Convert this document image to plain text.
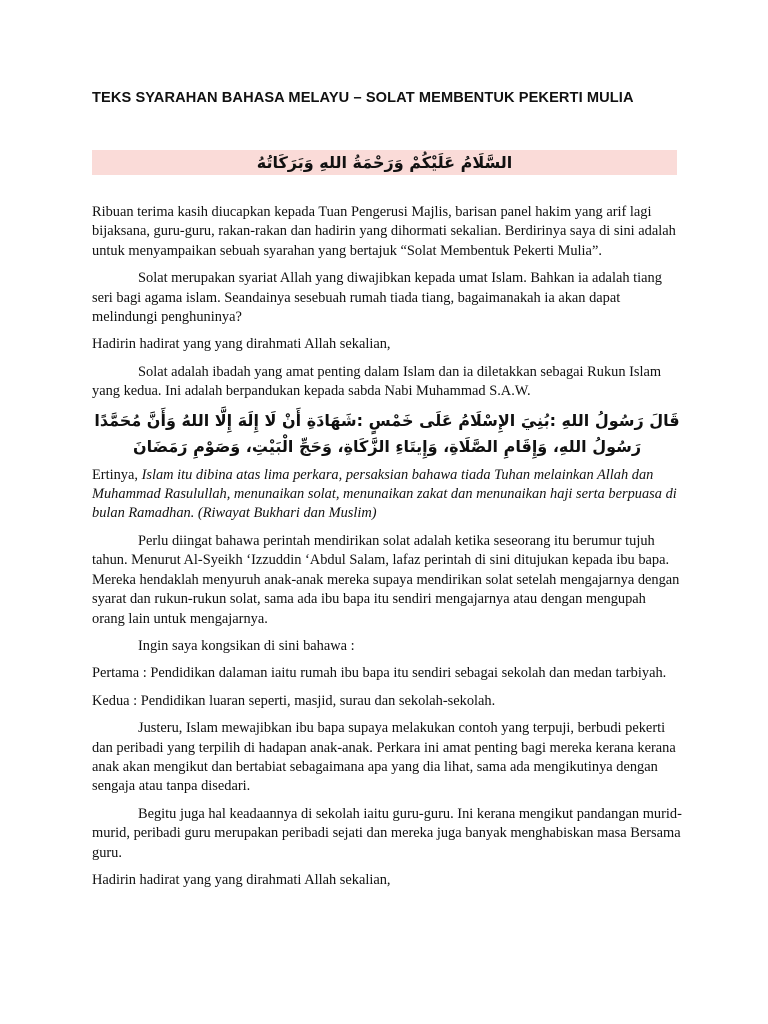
TEKS SYARAHAN BAHASA MELAYU – SOLAT MEMBENTUK PEKERTI MULIA
السَّلَامُ عَلَيْكُمْ وَرَحْمَةُ اللهِ وَبَرَكَاتُهُ

Ribuan terima kasih diucapkan kepada Tuan Pengerusi Majlis, barisan panel hakim yang arif lagi bijaksana, guru-guru, rakan-rakan dan hadirin yang dihormati sekalian. Berdirinya saya di sini adalah untuk menyampaikan sebuah syarahan yang bertajuk “Solat Membentuk Pekerti Mulia”.

Solat merupakan syariat Allah yang diwajibkan kepada umat Islam. Bahkan ia adalah tiang seri bagi agama islam. Seandainya sesebuah rumah tiada tiang, bagaimanakah ia akan dapat melindungi penghuninya?

Hadirin hadirat yang yang dirahmati Allah sekalian,

Solat adalah ibadah yang amat penting dalam Islam dan ia diletakkan sebagai Rukun Islam yang kedua. Ini adalah berpandukan kepada sabda Nabi Muhammad S.A.W.

قَالَ رَسُولُ اللهِ :بُنِيَ الإِسْلَامُ عَلَى خَمْسٍ :شَهَادَةِ أَنْ لَا إِلَهَ إِلَّا اللهُ وَأَنَّ مُحَمَّدًا
رَسُولُ اللهِ، وَإِقَامِ الصَّلَاةِ، وَإِيتَاءِ الزَّكَاةِ، وَحَجِّ الْبَيْتِ، وَصَوْمِ رَمَضَانَ

Ertinya, Islam itu dibina atas lima perkara, persaksian bahawa tiada Tuhan melainkan Allah dan Muhammad Rasulullah, menunaikan solat, menunaikan zakat dan menunaikan haji serta berpuasa di bulan Ramadhan. (Riwayat Bukhari dan Muslim)

Perlu diingat bahawa perintah mendirikan solat adalah ketika seseorang itu berumur tujuh tahun. Menurut Al-Syeikh ‘Izzuddin ‘Abdul Salam, lafaz perintah di sini ditujukan kepada ibu bapa. Mereka hendaklah menyuruh anak-anak mereka supaya mendirikan solat setelah mengajarnya dengan syarat dan rukun-rukun solat, sama ada ibu bapa itu sendiri mengajarnya atau dengan mengupah orang lain untuk mengajarnya.

Ingin saya kongsikan di sini bahawa :

Pertama : Pendidikan dalaman iaitu rumah ibu bapa itu sendiri sebagai sekolah dan medan tarbiyah.

Kedua : Pendidikan luaran seperti, masjid, surau dan sekolah-sekolah.

Justeru, Islam mewajibkan ibu bapa supaya melakukan contoh yang terpuji, berbudi pekerti dan peribadi yang terpilih di hadapan anak-anak. Perkara ini amat penting bagi mereka kerana kerana anak akan mengikut dan bertabiat sebagaimana apa yang dia lihat, sama ada mengikutinya dengan sengaja atau tanpa disedari.

Begitu juga hal keadaannya di sekolah iaitu guru-guru. Ini kerana mengikut pandangan murid-murid, peribadi guru merupakan peribadi sejati dan mereka juga banyak menghabiskan masa Bersama guru.

Hadirin hadirat yang yang dirahmati Allah sekalian,
